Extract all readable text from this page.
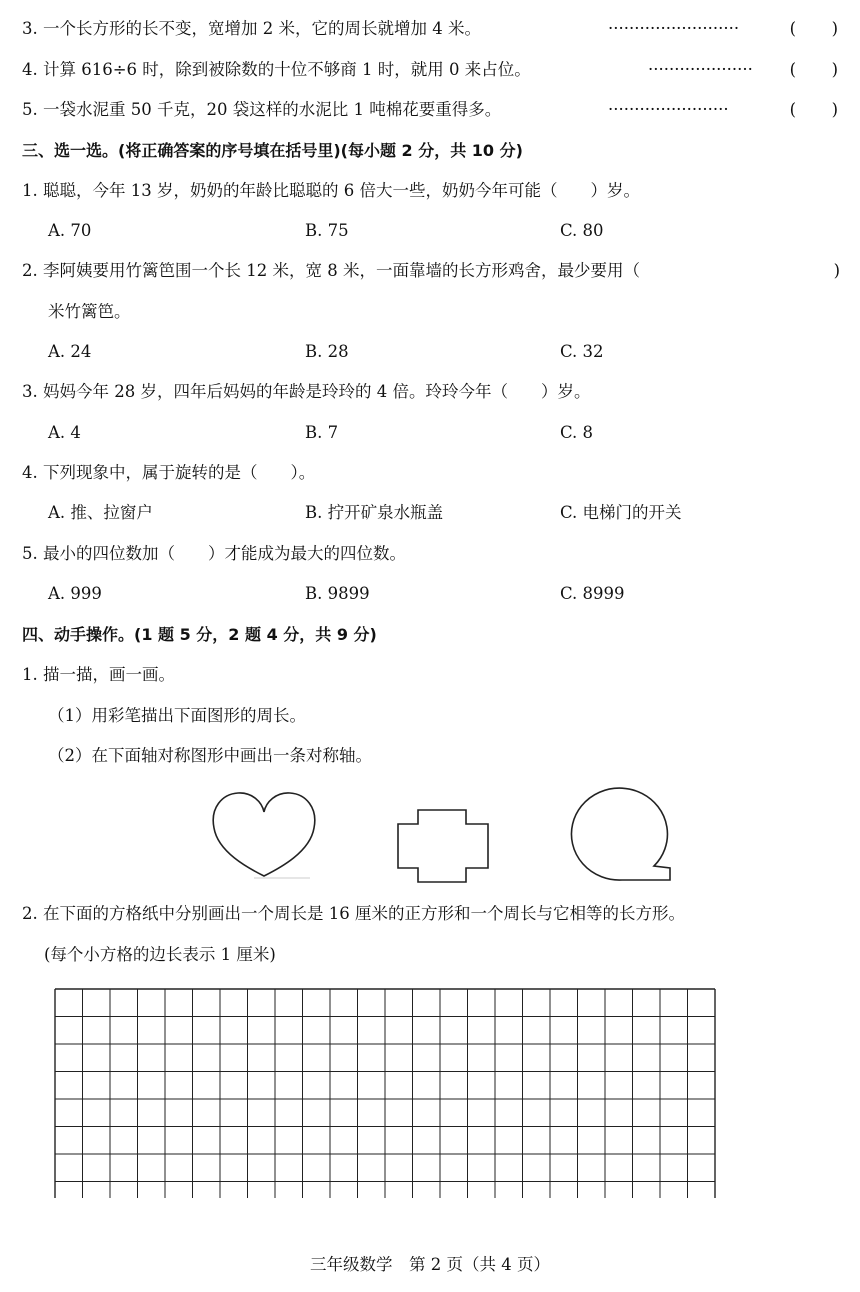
3. 一个长方形的长不变，宽增加 2 米，它的周长就增加 4 米。	·························	( )
4. 计算 616÷6 时，除到被除数的十位不够商 1 时，就用 0 来占位。	···················· ( )
5. 一袋水泥重 50 千克，20 袋这样的水泥比 1 吨棉花要重得多。	·······················	( )
三、选一选。(将正确答案的序号填在括号里)(每小题 2 分，共 10 分)
1. 聪聪，今年 13 岁，奶奶的年龄比聪聪的 6 倍大一些，奶奶今年可能（　　）岁。
A. 70	B. 75	C. 80
2. 李阿姨要用竹篱笆围一个长 12 米，宽 8 米，一面靠墙的长方形鸡舍，最少要用（	)
米竹篱笆。
A. 24	B. 28	C. 32
3. 妈妈今年 28 岁，四年后妈妈的年龄是玲玲的 4 倍。玲玲今年（　　）岁。
A. 4	B. 7	C. 8
4. 下列现象中，属于旋转的是（　　）。
A. 推、拉窗户	B. 拧开矿泉水瓶盖	C. 电梯门的开关
5. 最小的四位数加（　　）才能成为最大的四位数。
A. 999	B. 9899	C. 8999
四、动手操作。(1 题 5 分，2 题 4 分，共 9 分)
1. 描一描，画一画。
（1）用彩笔描出下面图形的周长。
（2）在下面轴对称图形中画出一条对称轴。
2. 在下面的方格纸中分别画出一个周长是 16 厘米的正方形和一个周长与它相等的长方形。
(每个小方格的边长表示 1 厘米)
三年级数学　第 2 页（共 4 页）
